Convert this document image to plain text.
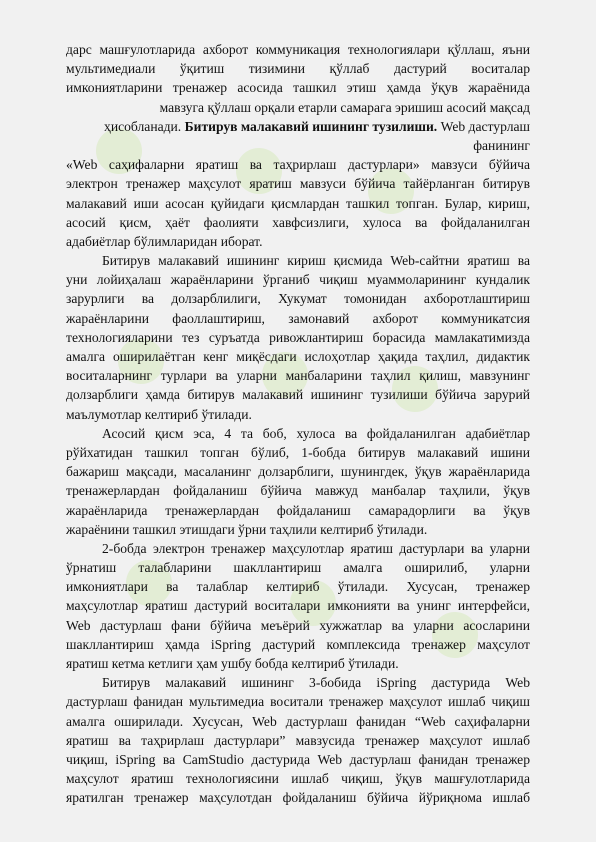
дарс машғулотларида ахборот коммуникация технологиялари қўллаш, яъни
мультимедиали ўқитиш тизимини қўллаб дастурий воситалар
имкониятларини тренажер асосида ташкил этиш ҳамда ўқув жараёнида
мавзуга қўллаш орқали етарли самарага эришиш асосий мақсад
ҳисобланади. Битирув малакавий ишининг тузилиши. Web дастурлаш
фанининг
«Web саҳифаларни яратиш ва таҳрирлаш дастурлари» мавзуси бўйича
электрон тренажер маҳсулот яратиш мавзуси бўйича тайёрланган битирув
малакавий иши асосан қуйидаги қисмлардан ташкил топган. Булар, кириш,
асосий қисм, ҳаёт фаолияти хавфсизлиги, хулоса ва фойдаланилган
адабиётлар бўлимларидан иборат.
Битирув малакавий ишининг кириш қисмида Web-сайтни яратиш ва
уни лойиҳалаш жараёнларини ўрганиб чиқиш муаммоларининг кундалик
зарурлиги ва долзарблилиги, Хукумат томонидан ахборотлаштириш
жараёнларини фаоллаштириш, замонавий ахборот коммуникатсия
технологияларини тез суръатда ривожлантириш борасида мамлакатимизда
амалга оширилаётган кенг миқёсдаги ислоҳотлар ҳақида таҳлил, дидактик
воситаларнинг турлари ва уларни манбаларини таҳлил қилиш, мавзунинг
долзарблиги ҳамда битирув малакавий ишининг тузилиши бўйича зарурий
маълумотлар келтириб ўтилади.
Асосий қисм эса, 4 та боб, хулоса ва фойдаланилган адабиётлар
рўйхатидан ташкил топган бўлиб, 1-бобда битирув малакавий ишини
бажариш мақсади, масаланинг долзарблиги, шунингдек, ўқув жараёнларида
тренажерлардан фойдаланиш бўйича мавжуд манбалар таҳлили, ўқув
жараёнларида тренажерлардан фойдаланиш самарадорлиги ва ўқув
жараёнини ташкил этишдаги ўрни таҳлили келтириб ўтилади.
2-бобда электрон тренажер маҳсулотлар яратиш дастурлари ва уларни
ўрнатиш талабларини шакллантириш амалга оширилиб, уларни
имкониятлари ва талаблар келтириб ўтилади. Хусусан, тренажер
маҳсулотлар яратиш дастурий воситалари имконияти ва унинг интерфейси,
Web дастурлаш фани бўйича меъёрий хужжатлар ва уларни асосларини
шакллантириш ҳамда iSpring дастурий комплексида тренажер маҳсулот
яратиш кетма кетлиги ҳам ушбу бобда келтириб ўтилади.
Битирув малакавий ишининг 3-бобида iSpring дастурида Web
дастурлаш фанидан мультимедиа воситали тренажер маҳсулот ишлаб чиқиш
амалга оширилади. Хусусан, Web дастурлаш фанидан “Web саҳифаларни
яратиш ва таҳрирлаш дастурлари” мавзусида тренажер маҳсулот ишлаб
чиқиш, iSpring ва CamStudio дастурида Web дастурлаш фанидан тренажер
маҳсулот яратиш технологиясини ишлаб чиқиш, ўқув машғулотларида
яратилган тренажер маҳсулотдан фойдаланиш бўйича йўриқнома ишлаб
